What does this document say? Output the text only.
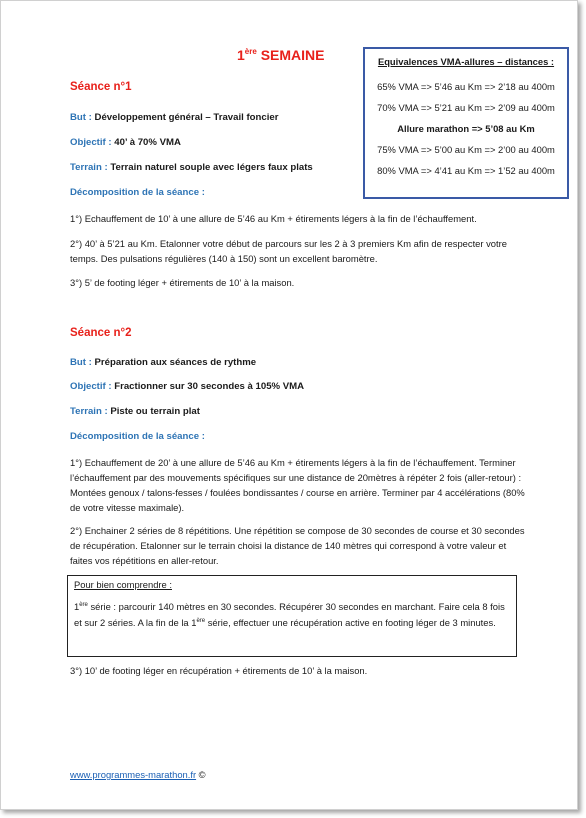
1ère SEMAINE	Equivalences VMA-allures – distances :
65% VMA => 5’46 au Km => 2’18 au 400m
70% VMA => 5’21 au Km => 2’09 au 400m
Allure marathon => 5’08 au Km
75% VMA => 5’00 au Km => 2’00 au 400m
80% VMA => 4’41 au Km => 1’52 au 400m
Séance n°1
But : Développement général – Travail foncier
Objectif : 40’ à 70% VMA
Terrain : Terrain naturel souple avec légers faux plats
Décomposition de la séance :
1°) Echauffement de 10’ à une allure de 5’46 au Km + étirements légers à la fin de l’échauffement.
2°) 40’ à 5’21 au Km. Etalonner votre début de parcours sur les 2 à 3 premiers Km afin de respecter votre temps. Des pulsations régulières (140 à 150) sont un excellent baromètre.
3°) 5’ de footing léger + étirements de 10’ à la maison.
Séance n°2
But : Préparation aux séances de rythme
Objectif : Fractionner sur 30 secondes à 105% VMA
Terrain : Piste ou terrain plat
Décomposition de la séance :
1°) Echauffement de 20’ à une allure de 5’46 au Km + étirements légers à la fin de l’échauffement. Terminer l’échauffement par des mouvements spécifiques sur une distance de 20mètres à répéter 2 fois (aller-retour) : Montées genoux / talons-fesses / foulées bondissantes / course en arrière. Terminer par 4 accélérations (80% de votre vitesse maximale).
2°) Enchainer 2 séries de 8 répétitions. Une répétition se compose de 30 secondes de course et 30 secondes de récupération. Etalonner sur le terrain choisi la distance de 140 mètres qui correspond à votre valeur et faites vos répétitions en aller-retour.
Pour bien comprendre :
1ère série : parcourir 140 mètres en 30 secondes. Récupérer 30 secondes en marchant. Faire cela 8 fois et sur 2 séries. A la fin de la 1ère série, effectuer une récupération active en footing léger de 3 minutes.
3°) 10’ de footing léger en récupération + étirements de 10’ à la maison.
www.programmes-marathon.fr ©
